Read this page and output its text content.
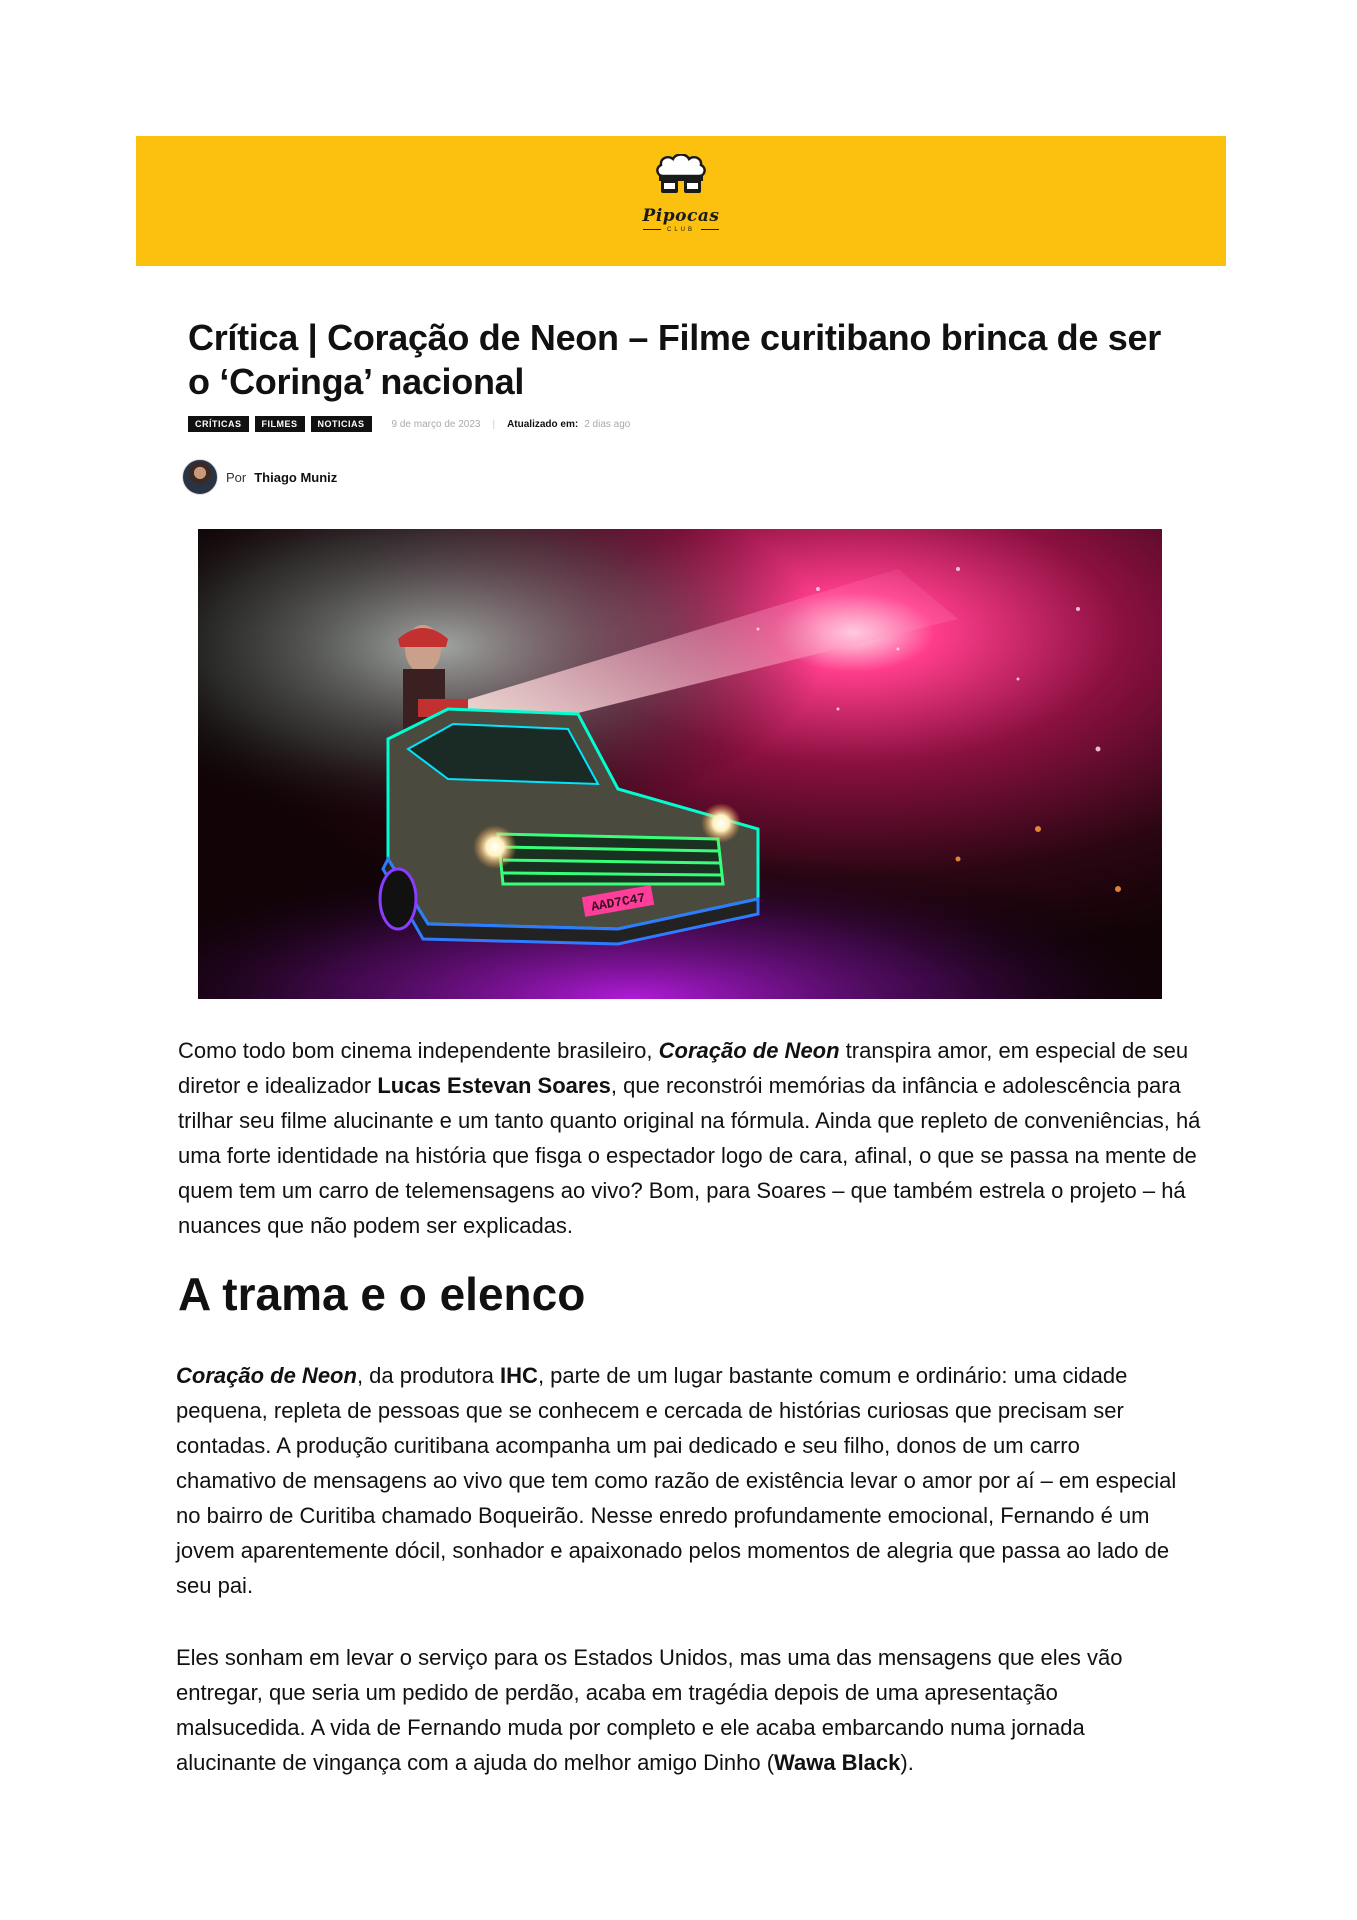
Pipocas
CLUB
Crítica | Coração de Neon – Filme curitibano brinca de ser o ‘Coringa’ nacional
CRÍTICAS	FILMES	NOTICIAS	9 de março de 2023 | Atualizado em: 2 dias ago
Por Thiago Muniz
AAD7C47

Como todo bom cinema independente brasileiro, Coração de Neon transpira amor, em especial de seu diretor e idealizador Lucas Estevan Soares, que reconstrói memórias da infância e adolescência para trilhar seu filme alucinante e um tanto quanto original na fórmula. Ainda que repleto de conveniências, há uma forte identidade na história que fisga o espectador logo de cara, afinal, o que se passa na mente de quem tem um carro de telemensagens ao vivo? Bom, para Soares – que também estrela o projeto – há nuances que não podem ser explicadas.

A trama e o elenco

Coração de Neon, da produtora IHC, parte de um lugar bastante comum e ordinário: uma cidade pequena, repleta de pessoas que se conhecem e cercada de histórias curiosas que precisam ser contadas. A produção curitibana acompanha um pai dedicado e seu filho, donos de um carro chamativo de mensagens ao vivo que tem como razão de existência levar o amor por aí – em especial no bairro de Curitiba chamado Boqueirão. Nesse enredo profundamente emocional, Fernando é um jovem aparentemente dócil, sonhador e apaixonado pelos momentos de alegria que passa ao lado de seu pai.

Eles sonham em levar o serviço para os Estados Unidos, mas uma das mensagens que eles vão entregar, que seria um pedido de perdão, acaba em tragédia depois de uma apresentação malsucedida. A vida de Fernando muda por completo e ele acaba embarcando numa jornada alucinante de vingança com a ajuda do melhor amigo Dinho (Wawa Black).
